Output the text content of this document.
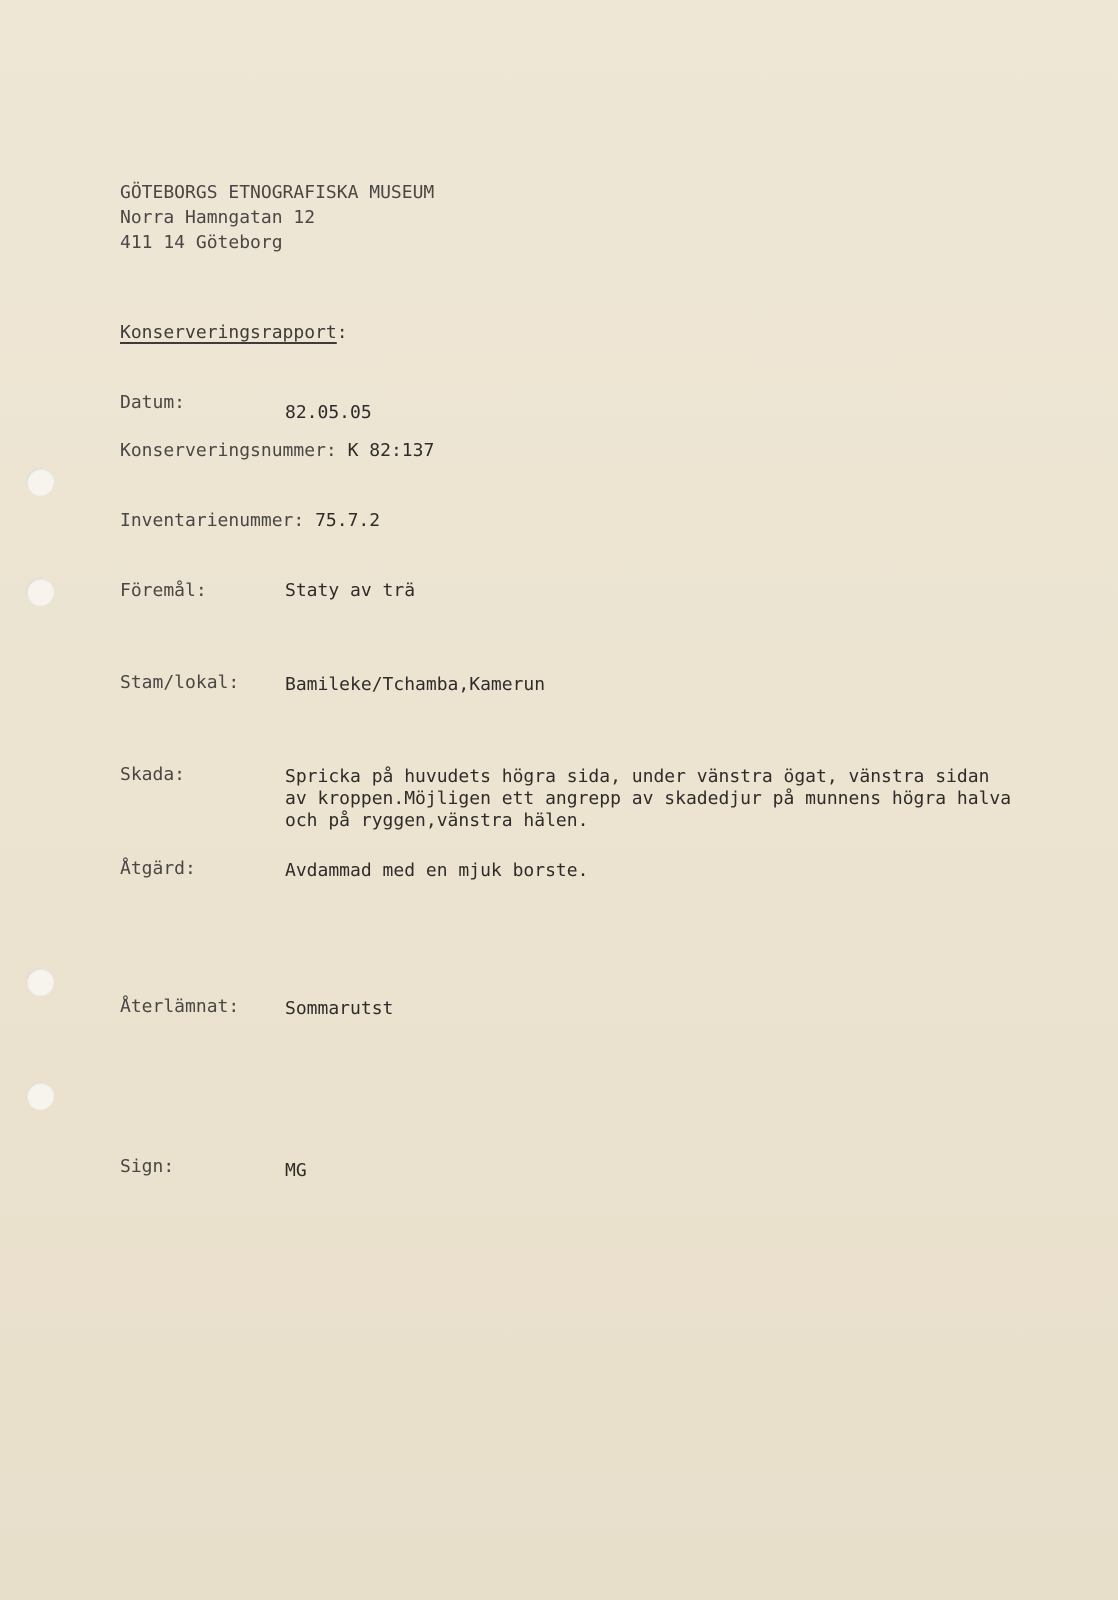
GÖTEBORGS ETNOGRAFISKA MUSEUM
Norra Hamngatan 12
411 14 Göteborg
Konserveringsrapport:
Datum:	82.05.05
Konserveringsnummer: K 82:137
Inventarienummer: 75.7.2
Föremål:	Staty av trä
Stam/lokal:	Bamileke/Tchamba,Kamerun
Skada:	Spricka på huvudets högra sida, under vänstra ögat, vänstra sidan
av kroppen.Möjligen ett angrepp av skadedjur på munnens högra halva
och på ryggen,vänstra hälen.
Åtgärd:	Avdammad med en mjuk borste.
Återlämnat:	Sommarutst
Sign:	MG
